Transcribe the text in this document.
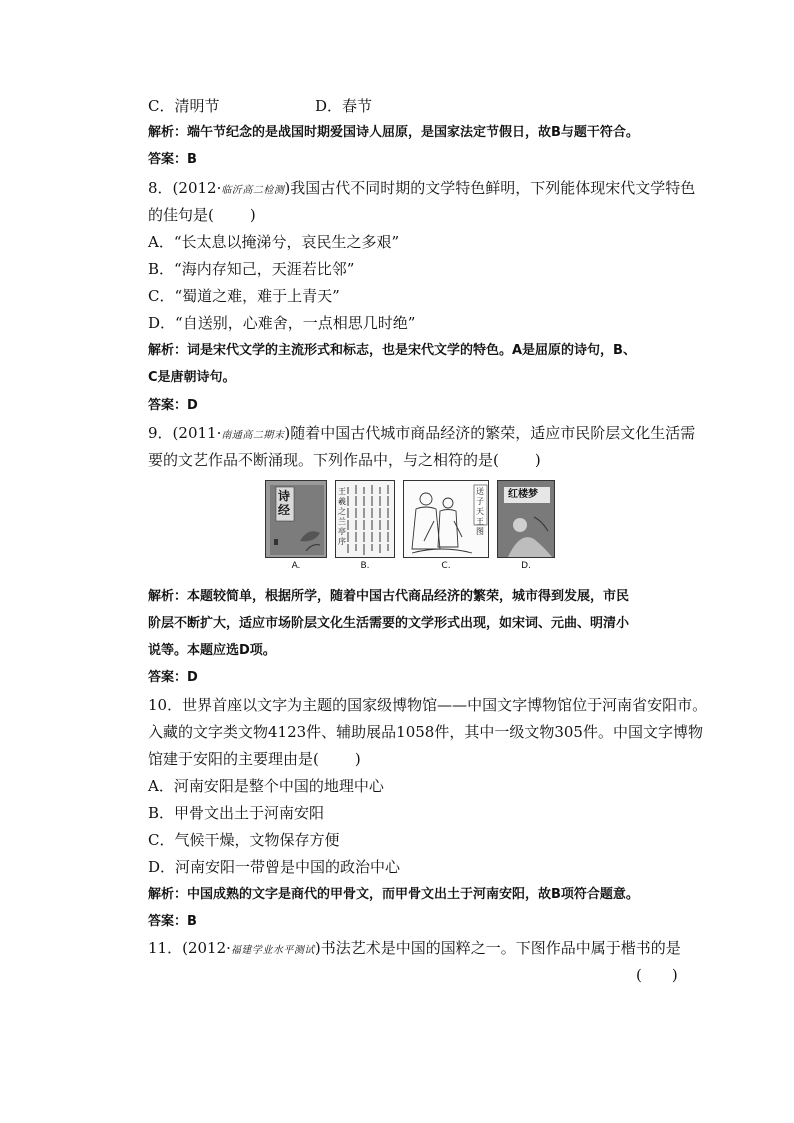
C．清明节	D．春节
解析：端午节纪念的是战国时期爱国诗人屈原，是国家法定节假日，故B与题干符合。
答案：B
8．(2012·临沂高二检测)我国古代不同时期的文学特色鲜明，下列能体现宋代文学特色
的佳句是( )
A．“长太息以掩涕兮，哀民生之多艰”
B．“海内存知己，天涯若比邻”
C．“蜀道之难，难于上青天”
D．“自送别，心难舍，一点相思几时绝”
解析：词是宋代文学的主流形式和标志，也是宋代文学的特色。A是屈原的诗句，B、
C是唐朝诗句。
答案：D
9．(2011·南通高二期末)随着中国古代城市商品经济的繁荣，适应市民阶层文化生活需
要的文艺作品不断涌现。下列作品中，与之相符的是( )
诗经
王羲之兰亭序
送子天王图
红楼梦
A.	B.	C.	D.
解析：本题较简单，根据所学，随着中国古代商品经济的繁荣，城市得到发展，市民
阶层不断扩大，适应市场阶层文化生活需要的文学形式出现，如宋词、元曲、明清小
说等。本题应选D项。
答案：D
10．世界首座以文字为主题的国家级博物馆——中国文字博物馆位于河南省安阳市。
入藏的文字类文物4123件、辅助展品1058件，其中一级文物305件。中国文字博物
馆建于安阳的主要理由是( )
A．河南安阳是整个中国的地理中心
B．甲骨文出土于河南安阳
C．气候干燥，文物保存方便
D．河南安阳一带曾是中国的政治中心
解析：中国成熟的文字是商代的甲骨文，而甲骨文出土于河南安阳，故B项符合题意。
答案：B
11．(2012·福建学业水平测试)书法艺术是中国的国粹之一。下图作品中属于楷书的是
(　　)
